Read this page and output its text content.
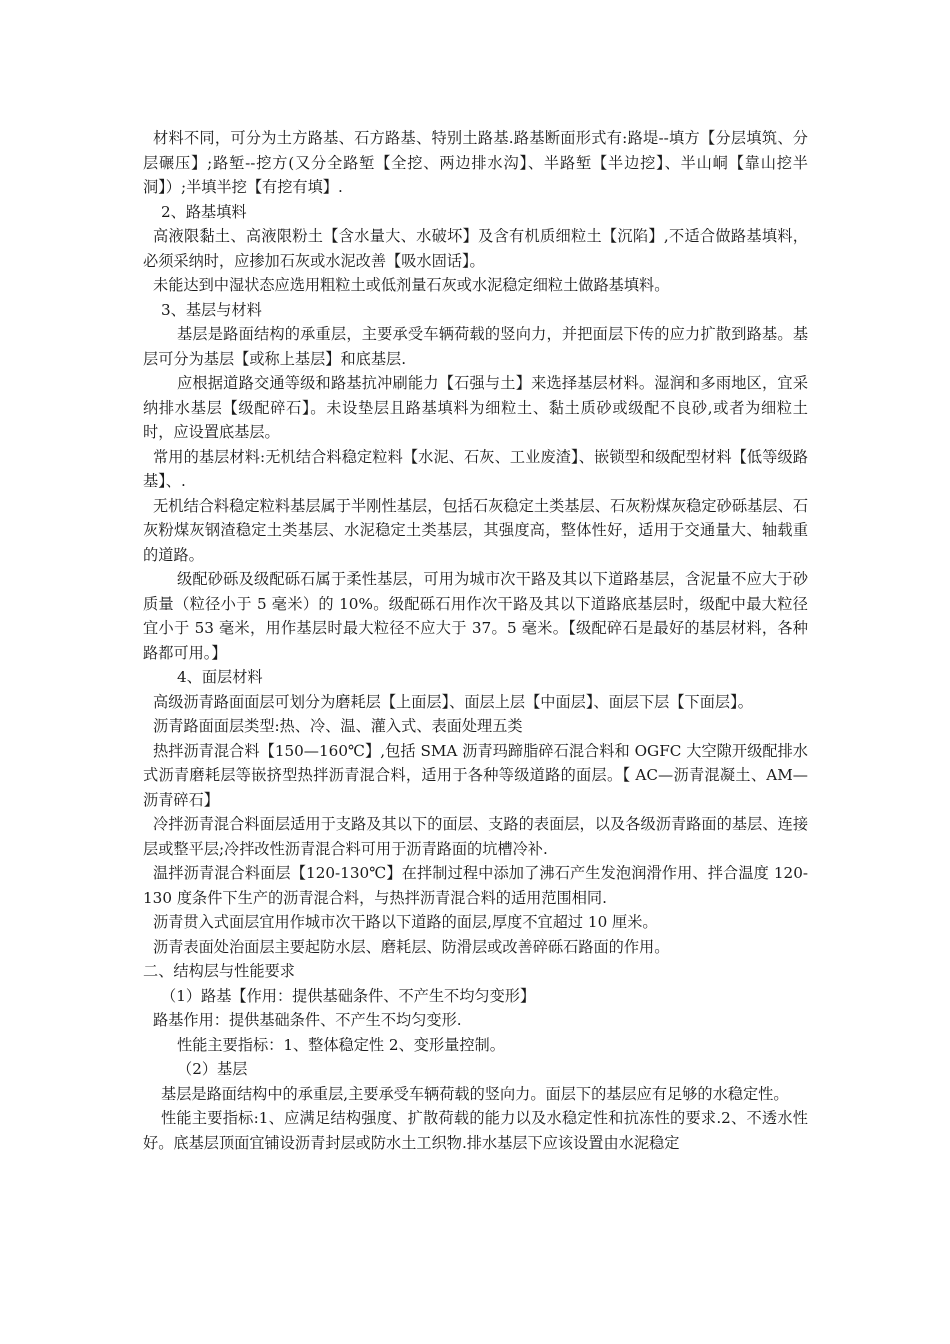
材料不同，可分为土方路基、石方路基、特别土路基.路基断面形式有:路堤--填方【分层填筑、分层碾压】;路堑--挖方(又分全路堑【全挖、两边排水沟】、半路堑【半边挖】、半山峒【靠山挖半洞】）;半填半挖【有挖有填】.

2、路基填料

高液限黏土、高液限粉土【含水量大、水破坏】及含有机质细粒土【沉陷】,不适合做路基填料，必须采纳时，应掺加石灰或水泥改善【吸水固话】。

未能达到中湿状态应选用粗粒土或低剂量石灰或水泥稳定细粒土做路基填料。

3、基层与材料

基层是路面结构的承重层，主要承受车辆荷载的竖向力，并把面层下传的应力扩散到路基。基层可分为基层【或称上基层】和底基层.

应根据道路交通等级和路基抗冲刷能力【石强与土】来选择基层材料。湿润和多雨地区，宜采纳排水基层【级配碎石】。未设垫层且路基填料为细粒土、黏土质砂或级配不良砂,或者为细粒土时，应设置底基层。

常用的基层材料:无机结合料稳定粒料【水泥、石灰、工业废渣】、嵌锁型和级配型材料【低等级路基】、.

无机结合料稳定粒料基层属于半刚性基层，包括石灰稳定土类基层、石灰粉煤灰稳定砂砾基层、石灰粉煤灰钢渣稳定土类基层、水泥稳定土类基层，其强度高，整体性好，适用于交通量大、轴载重的道路。

级配砂砾及级配砾石属于柔性基层，可用为城市次干路及其以下道路基层，含泥量不应大于砂质量（粒径小于 5 毫米）的 10%。级配砾石用作次干路及其以下道路底基层时，级配中最大粒径宜小于 53 毫米，用作基层时最大粒径不应大于 37。5 毫米。【级配碎石是最好的基层材料，各种路都可用。】

4、面层材料

高级沥青路面面层可划分为磨耗层【上面层】、面层上层【中面层】、面层下层【下面层】。

沥青路面面层类型:热、冷、温、灌入式、表面处理五类

热拌沥青混合料【150—160℃】,包括 SMA 沥青玛蹄脂碎石混合料和 OGFC 大空隙开级配排水式沥青磨耗层等嵌挤型热拌沥青混合料，适用于各种等级道路的面层。【 AC—沥青混凝土、AM—沥青碎石】

冷拌沥青混合料面层适用于支路及其以下的面层、支路的表面层，以及各级沥青路面的基层、连接层或整平层;冷拌改性沥青混合料可用于沥青路面的坑槽冷补.

温拌沥青混合料面层【120-130℃】在拌制过程中添加了沸石产生发泡润滑作用、拌合温度 120-130 度条件下生产的沥青混合料，与热拌沥青混合料的适用范围相同.

沥青贯入式面层宜用作城市次干路以下道路的面层,厚度不宜超过 10 厘米。

沥青表面处治面层主要起防水层、磨耗层、防滑层或改善碎砾石路面的作用。

二、结构层与性能要求

（1）路基【作用：提供基础条件、不产生不均匀变形】

路基作用：提供基础条件、不产生不均匀变形.

性能主要指标：1、整体稳定性 2、变形量控制。

（2）基层

基层是路面结构中的承重层,主要承受车辆荷载的竖向力。面层下的基层应有足够的水稳定性。

性能主要指标:1、应满足结构强度、扩散荷载的能力以及水稳定性和抗冻性的要求.2、不透水性好。底基层顶面宜铺设沥青封层或防水土工织物.排水基层下应该设置由水泥稳定
